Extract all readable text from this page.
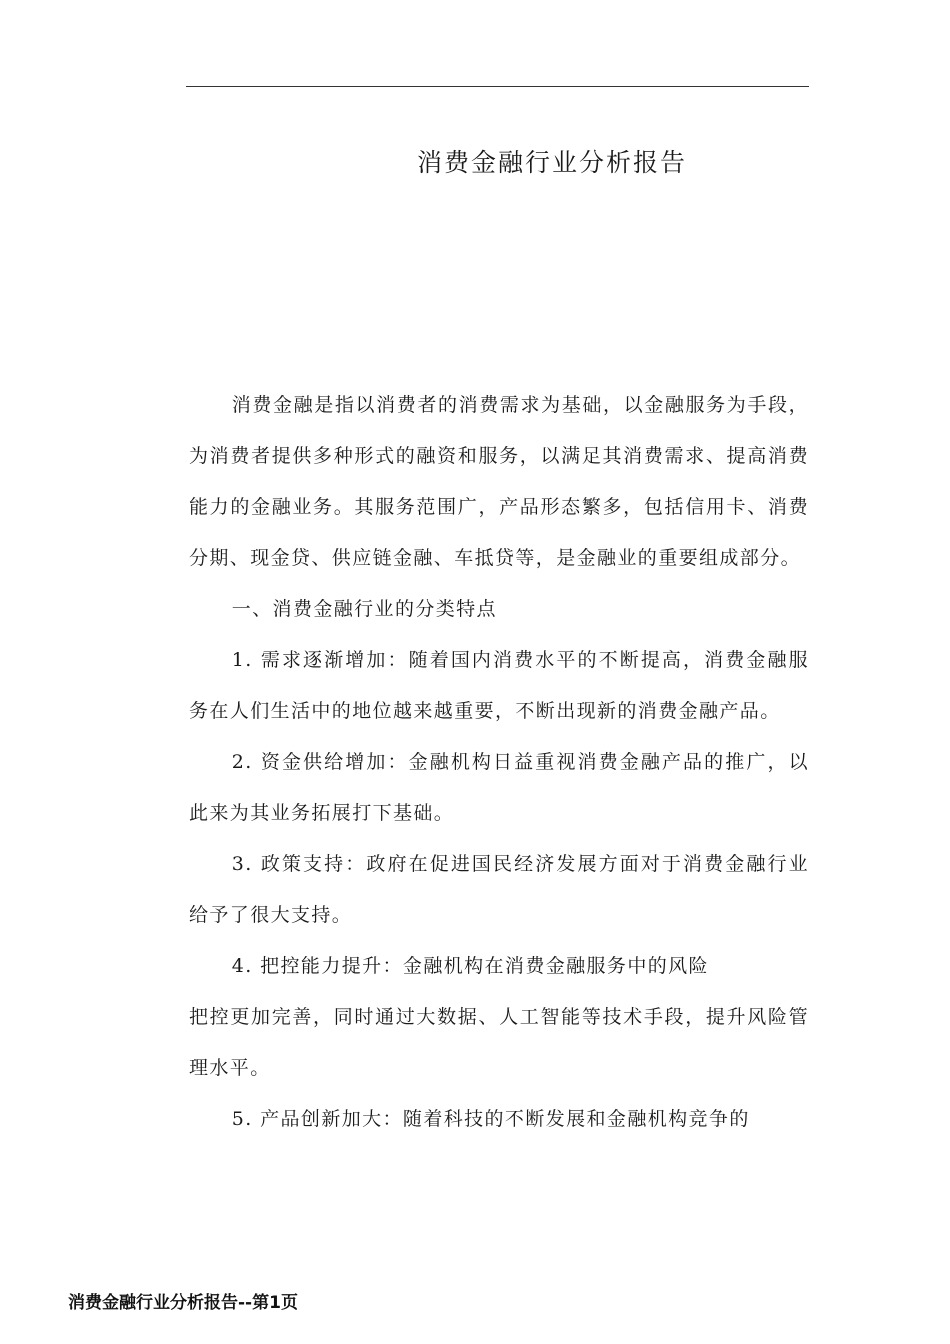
消费金融行业分析报告

消费金融是指以消费者的消费需求为基础，以金融服务为手段，为消费者提供多种形式的融资和服务，以满足其消费需求、提高消费能力的金融业务。其服务范围广，产品形态繁多，包括信用卡、消费分期、现金贷、供应链金融、车抵贷等，是金融业的重要组成部分。

一、消费金融行业的分类特点

1. 需求逐渐增加：随着国内消费水平的不断提高，消费金融服务在人们生活中的地位越来越重要，不断出现新的消费金融产品。

2. 资金供给增加：金融机构日益重视消费金融产品的推广，以此来为其业务拓展打下基础。

3. 政策支持：政府在促进国民经济发展方面对于消费金融行业给予了很大支持。

4. 把控能力提升：金融机构在消费金融服务中的风险
把控更加完善，同时通过大数据、人工智能等技术手段，提升风险管理水平。

5. 产品创新加大：随着科技的不断发展和金融机构竞争的

消费金融行业分析报告--第1页
